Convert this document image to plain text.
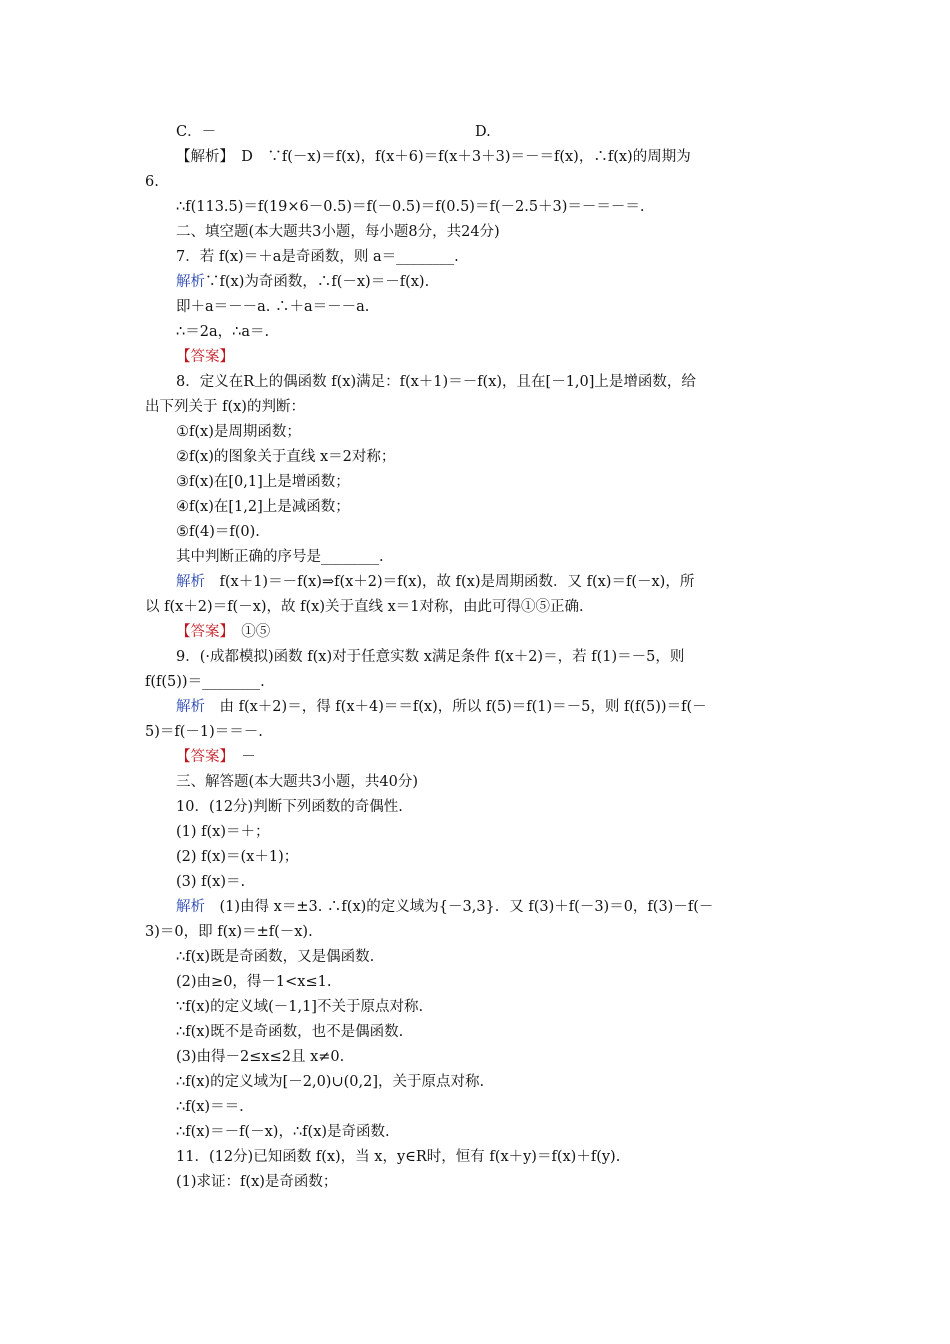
C．－
【解析】　D　∵f(－x)＝f(x)，f(x＋6)＝f(x＋3＋3)＝－＝f(x)，∴f(x)的周期为
6.
∴f(113.5)＝f(19×6－0.5)＝f(－0.5)＝f(0.5)＝f(－2.5＋3)＝－＝－＝.
二、填空题(本大题共3小题，每小题8分，共24分)
7．若 f(x)＝＋a是奇函数，则 a＝________.
解析∵f(x)为奇函数，∴f(－x)＝－f(x).
即＋a＝－－a. ∴＋a＝－－a.
∴＝2a，∴a＝.
【答案】
8．定义在R上的偶函数 f(x)满足：f(x＋1)＝－f(x)，且在[－1,0]上是增函数，给
出下列关于 f(x)的判断：
①f(x)是周期函数；
②f(x)的图象关于直线 x＝2对称；
③f(x)在[0,1]上是增函数；
④f(x)在[1,2]上是减函数；
⑤f(4)＝f(0).
其中判断正确的序号是________.
解析　f(x＋1)＝－f(x)⇒f(x＋2)＝f(x)，故 f(x)是周期函数．又 f(x)＝f(－x)，所
以 f(x＋2)＝f(－x)，故 f(x)关于直线 x＝1对称，由此可得①⑤正确.
【答案】　①⑤
9．(·成都模拟)函数 f(x)对于任意实数 x满足条件 f(x＋2)＝，若 f(1)＝－5，则
f(f(5))＝________.
解析　由 f(x＋2)＝，得 f(x＋4)＝＝f(x)，所以 f(5)＝f(1)＝－5，则 f(f(5))＝f(－
5)＝f(－1)＝＝－.
【答案】　－
三、解答题(本大题共3小题，共40分)
10．(12分)判断下列函数的奇偶性.
(1) f(x)＝＋；
(2) f(x)＝(x＋1)；
(3) f(x)＝.
解析　(1)由得 x＝±3. ∴f(x)的定义域为{－3,3}．又 f(3)＋f(－3)＝0，f(3)－f(－
3)＝0，即 f(x)＝±f(－x).
∴f(x)既是奇函数，又是偶函数.
(2)由≥0，得－1<x≤1.
∵f(x)的定义域(－1,1]不关于原点对称.
∴f(x)既不是奇函数，也不是偶函数.
(3)由得－2≤x≤2且 x≠0.
∴f(x)的定义域为[－2,0)∪(0,2]，关于原点对称.
∴f(x)＝＝.
∴f(x)＝－f(－x)，∴f(x)是奇函数.
11．(12分)已知函数 f(x)，当 x，y∈R时，恒有 f(x＋y)＝f(x)＋f(y).
(1)求证：f(x)是奇函数；
D.
